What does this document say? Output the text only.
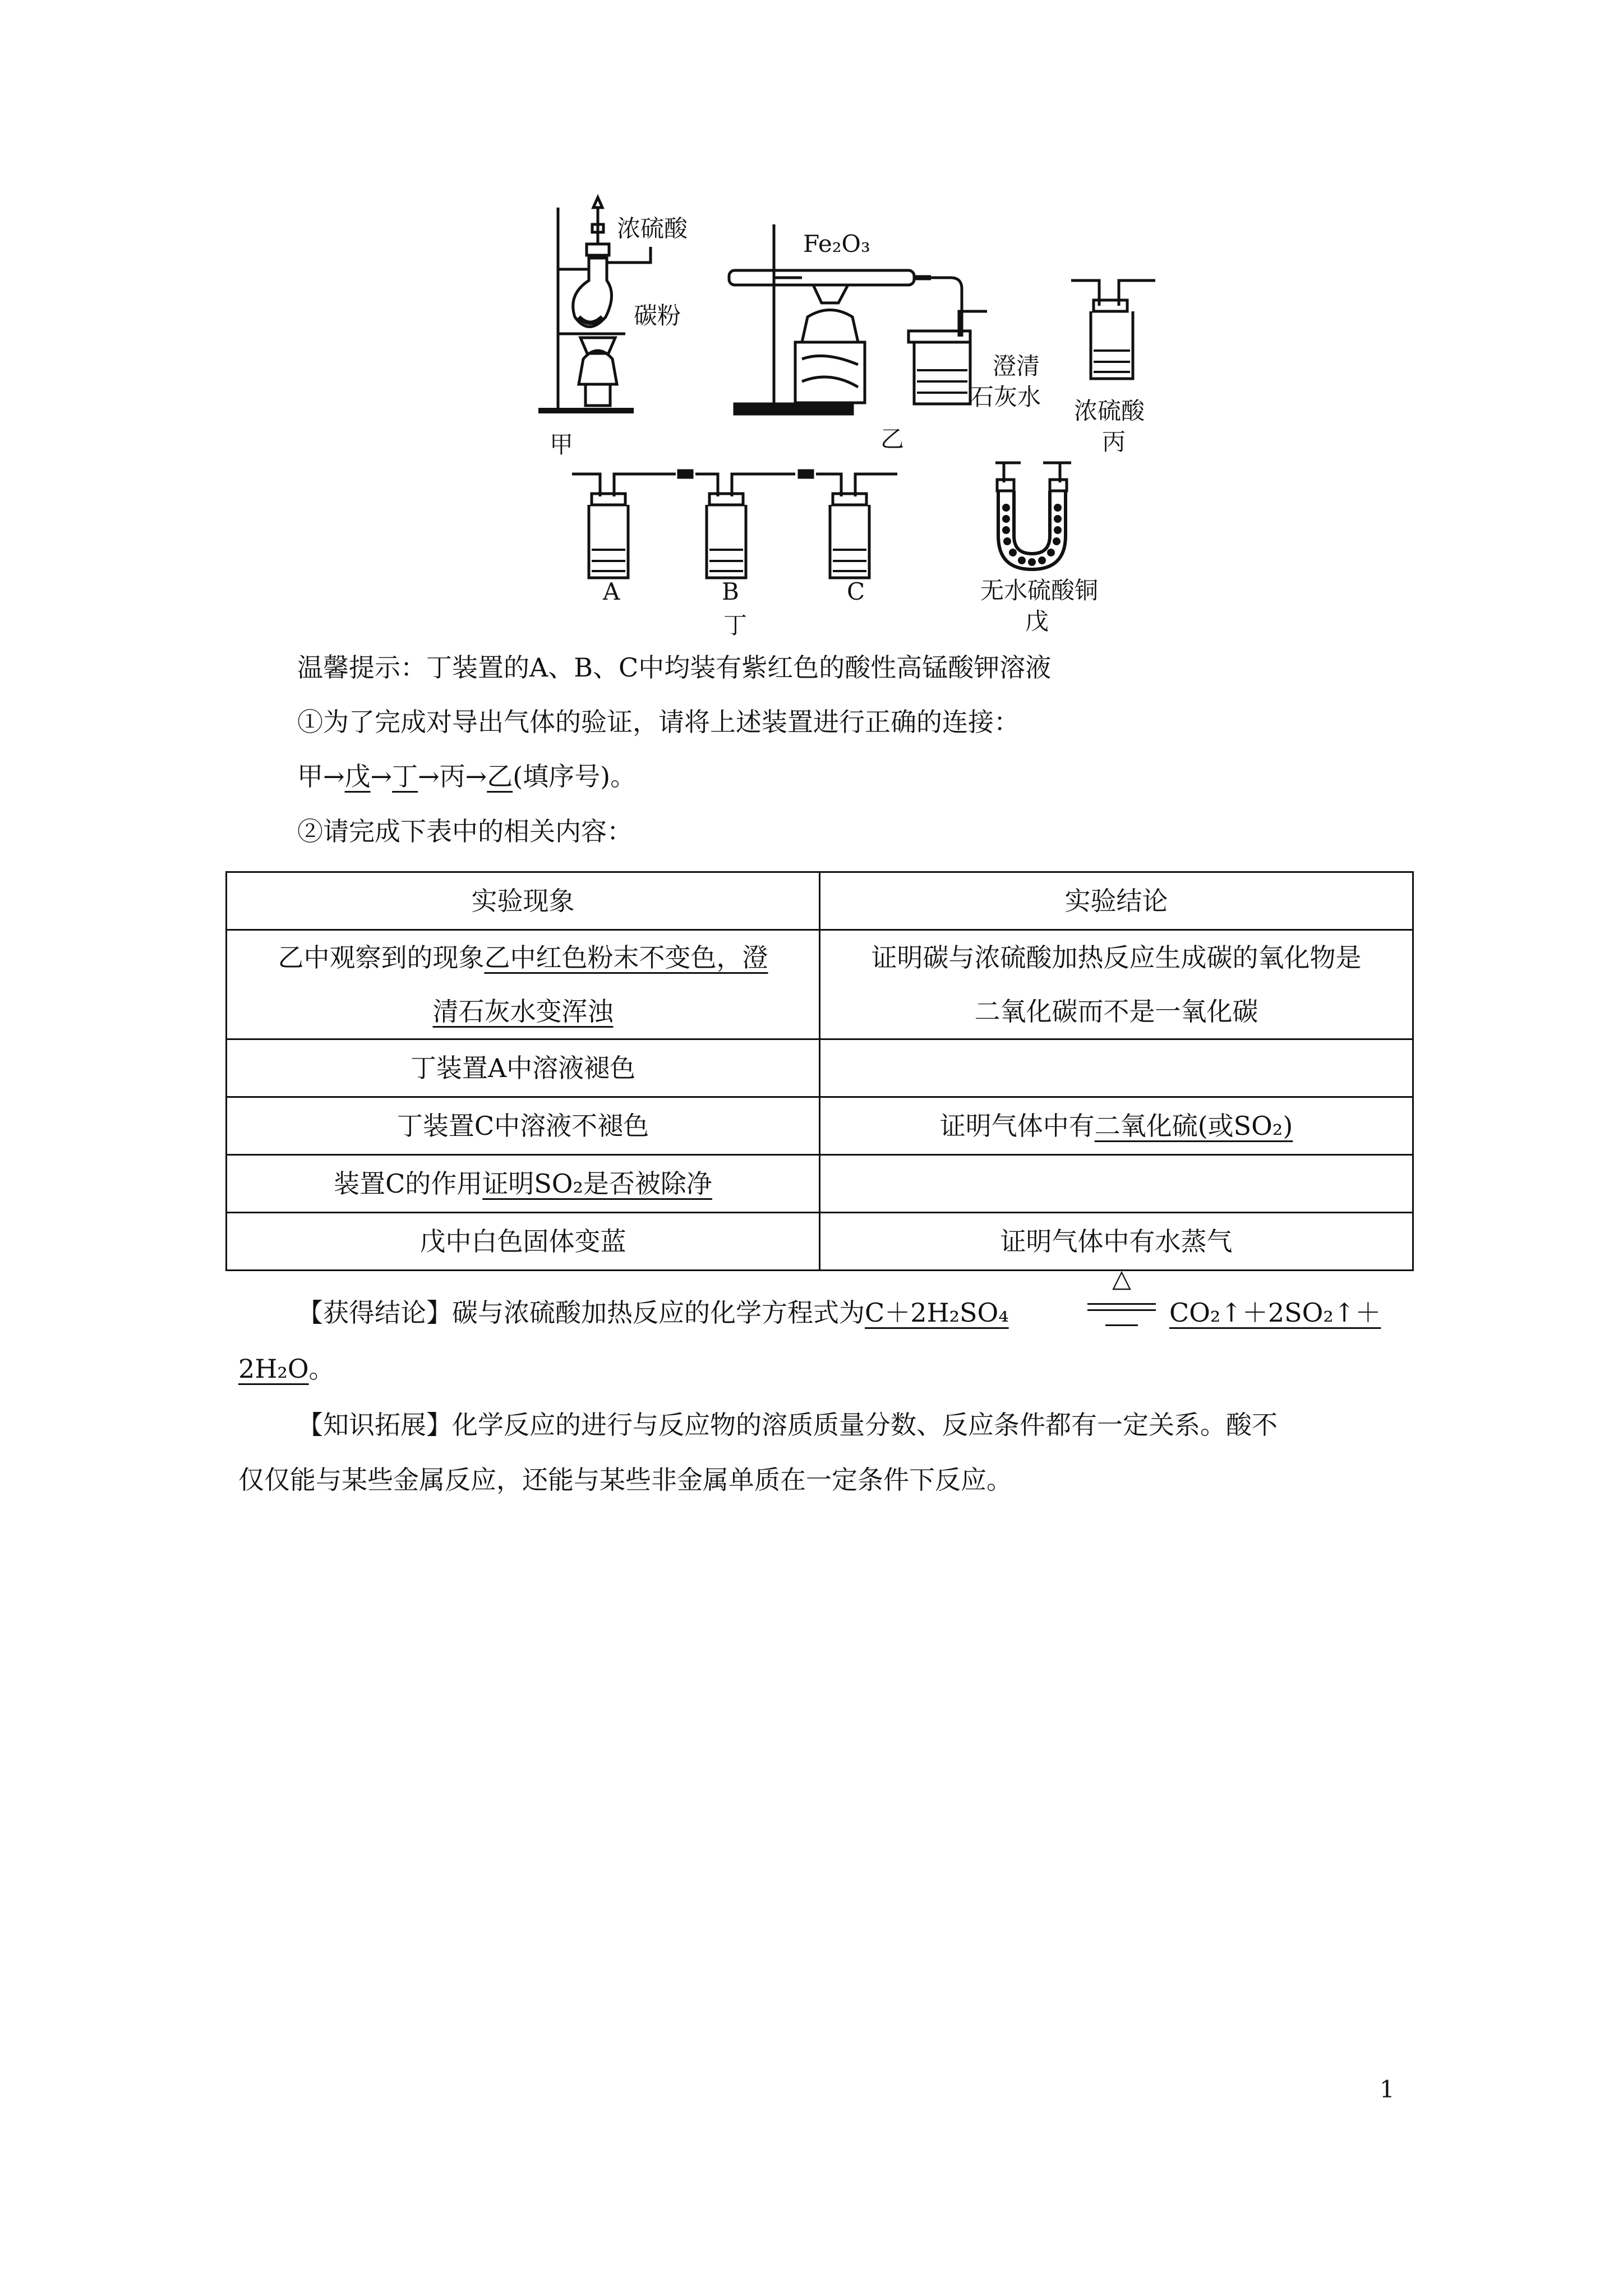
浓硫酸
碳粉
甲
Fe₂O₃
澄清
石灰水
乙
浓硫酸
丙
A	B
丁
C	无水硫酸铜
戊
温馨提示：丁装置的A、B、C中均装有紫红色的酸性高锰酸钾溶液
①为了完成对导出气体的验证，请将上述装置进行正确的连接：
甲→戊→丁→丙→乙(填序号)。
②请完成下表中的相关内容：
实验现象	实验结论
乙中观察到的现象乙中红色粉末不变色，澄
清石灰水变浑浊	证明碳与浓硫酸加热反应生成碳的氧化物是
二氧化碳而不是一氧化碳
丁装置A中溶液褪色	
丁装置C中溶液不褪色	证明气体中有二氧化硫(或SO₂)
装置C的作用证明SO₂是否被除净	
戊中白色固体变蓝	证明气体中有水蒸气
【获得结论】碳与浓硫酸加热反应的化学方程式为C＋2H₂SO₄
△
CO₂↑＋2SO₂↑＋
2H₂O。
【知识拓展】化学反应的进行与反应物的溶质质量分数、反应条件都有一定关系。酸不
仅仅能与某些金属反应，还能与某些非金属单质在一定条件下反应。
1
